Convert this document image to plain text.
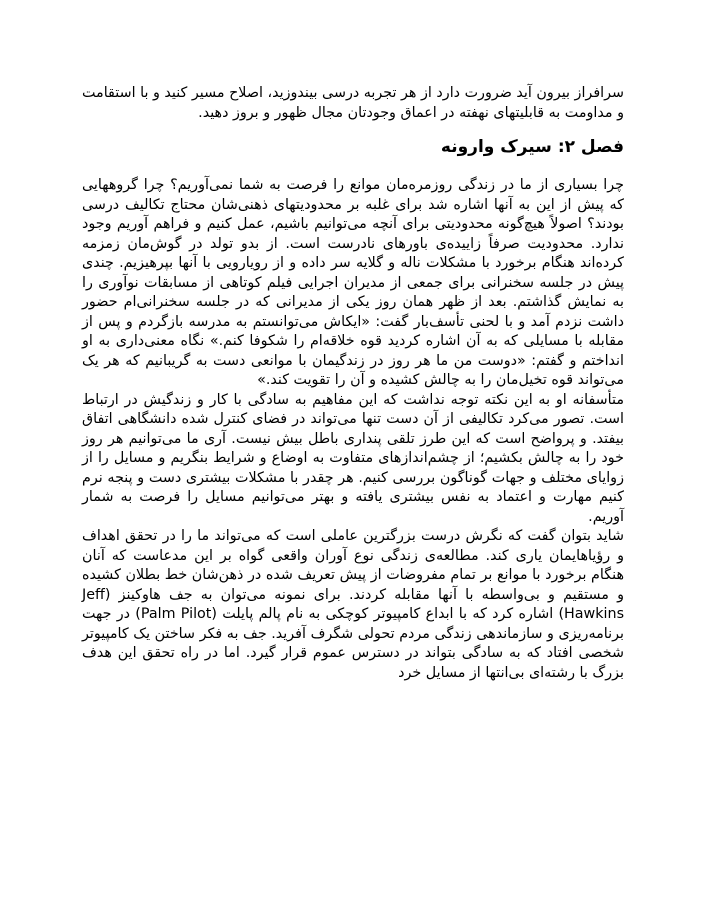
سرافراز بیرون آید ضرورت دارد از هر تجربه درسی بیندوزید، اصلاح مسیر کنید و با استقامت و مداومت به قابلیتهای نهفته در اعماق وجودتان مجال ظهور و بروز دهید.

فصل ۲: سیرک وارونه

چرا بسیاری از ما در زندگی روزمره‌مان موانع را فرصت به شما نمی‌آوریم؟ چرا گروههایی که پیش از این به آنها اشاره شد برای غلبه بر محدودیتهای ذهنی‌شان محتاج تکالیف درسی بودند؟ اصولاً هیچ‌گونه محدودیتی برای آنچه می‌توانیم باشیم، عمل کنیم و فراهم آوریم وجود ندارد. محدودیت صرفاً زاییده‌ی باورهای نادرست است. از بدو تولد در گوش‌مان زمزمه کرده‌اند هنگام برخورد با مشکلات ناله و گلایه سر داده و از رویارویی با آنها بپرهیزیم. چندی پیش در جلسه سخنرانی برای جمعی از مدیران اجرایی فیلم کوتاهی از مسابقات نوآوری را به نمایش گذاشتم. بعد از ظهر همان روز یکی از مدیرانی که در جلسه سخنرانی‌ام حضور داشت نزدم آمد و با لحنی تأسف‌بار گفت: «ایکاش می‌توانستم به مدرسه بازگردم و پس از مقابله با مسایلی که به آن اشاره کردید قوه خلاقه‌ام را شکوفا کنم.» نگاه معنی‌داری به او انداختم و گفتم: «دوست من ما هر روز در زندگیمان با موانعی دست به گریبانیم که هر یک می‌تواند قوه تخیل‌مان را به چالش کشیده و آن را تقویت کند.»

متأسفانه او به این نکته توجه نداشت که این مفاهیم به سادگی با کار و زندگیش در ارتباط است. تصور می‌کرد تکالیفی از آن دست تنها می‌تواند در فضای کنترل شده دانشگاهی اتفاق بیفتد. و پرواضح است که این طرز تلقی پنداری باطل بیش نیست. آری ما می‌توانیم هر روز خود را به چالش بکشیم؛ از چشم‌اندازهای متفاوت به اوضاع و شرایط بنگریم و مسایل را از زوایای مختلف و جهات گوناگون بررسی کنیم. هر چقدر با مشکلات بیشتری دست و پنجه نرم کنیم مهارت و اعتماد به نفس بیشتری یافته و بهتر می‌توانیم مسایل را فرصت به شمار آوریم.

شاید بتوان گفت که نگرش درست بزرگترین عاملی است که می‌تواند ما را در تحقق اهداف و رؤیاهایمان یاری کند. مطالعه‌ی زندگی نوع آوران واقعی گواه بر این مدعاست که آنان هنگام برخورد با موانع بر تمام مفروضات از پیش تعریف شده در ذهن‌شان خط بطلان کشیده و مستقیم و بی‌واسطه با آنها مقابله کردند. برای نمونه می‌توان به جف هاوکینز (Jeff Hawkins) اشاره کرد که با ابداع کامپیوتر کوچکی به نام پالم پایلت (Palm Pilot) در جهت برنامه‌ریزی و سازماندهی زندگی مردم تحولی شگرف آفرید. جف به فکر ساختن یک کامپیوتر شخصی افتاد که به سادگی بتواند در دسترس عموم قرار گیرد. اما در راه تحقق این هدف بزرگ با رشته‌ای بی‌انتها از مسایل خرد
